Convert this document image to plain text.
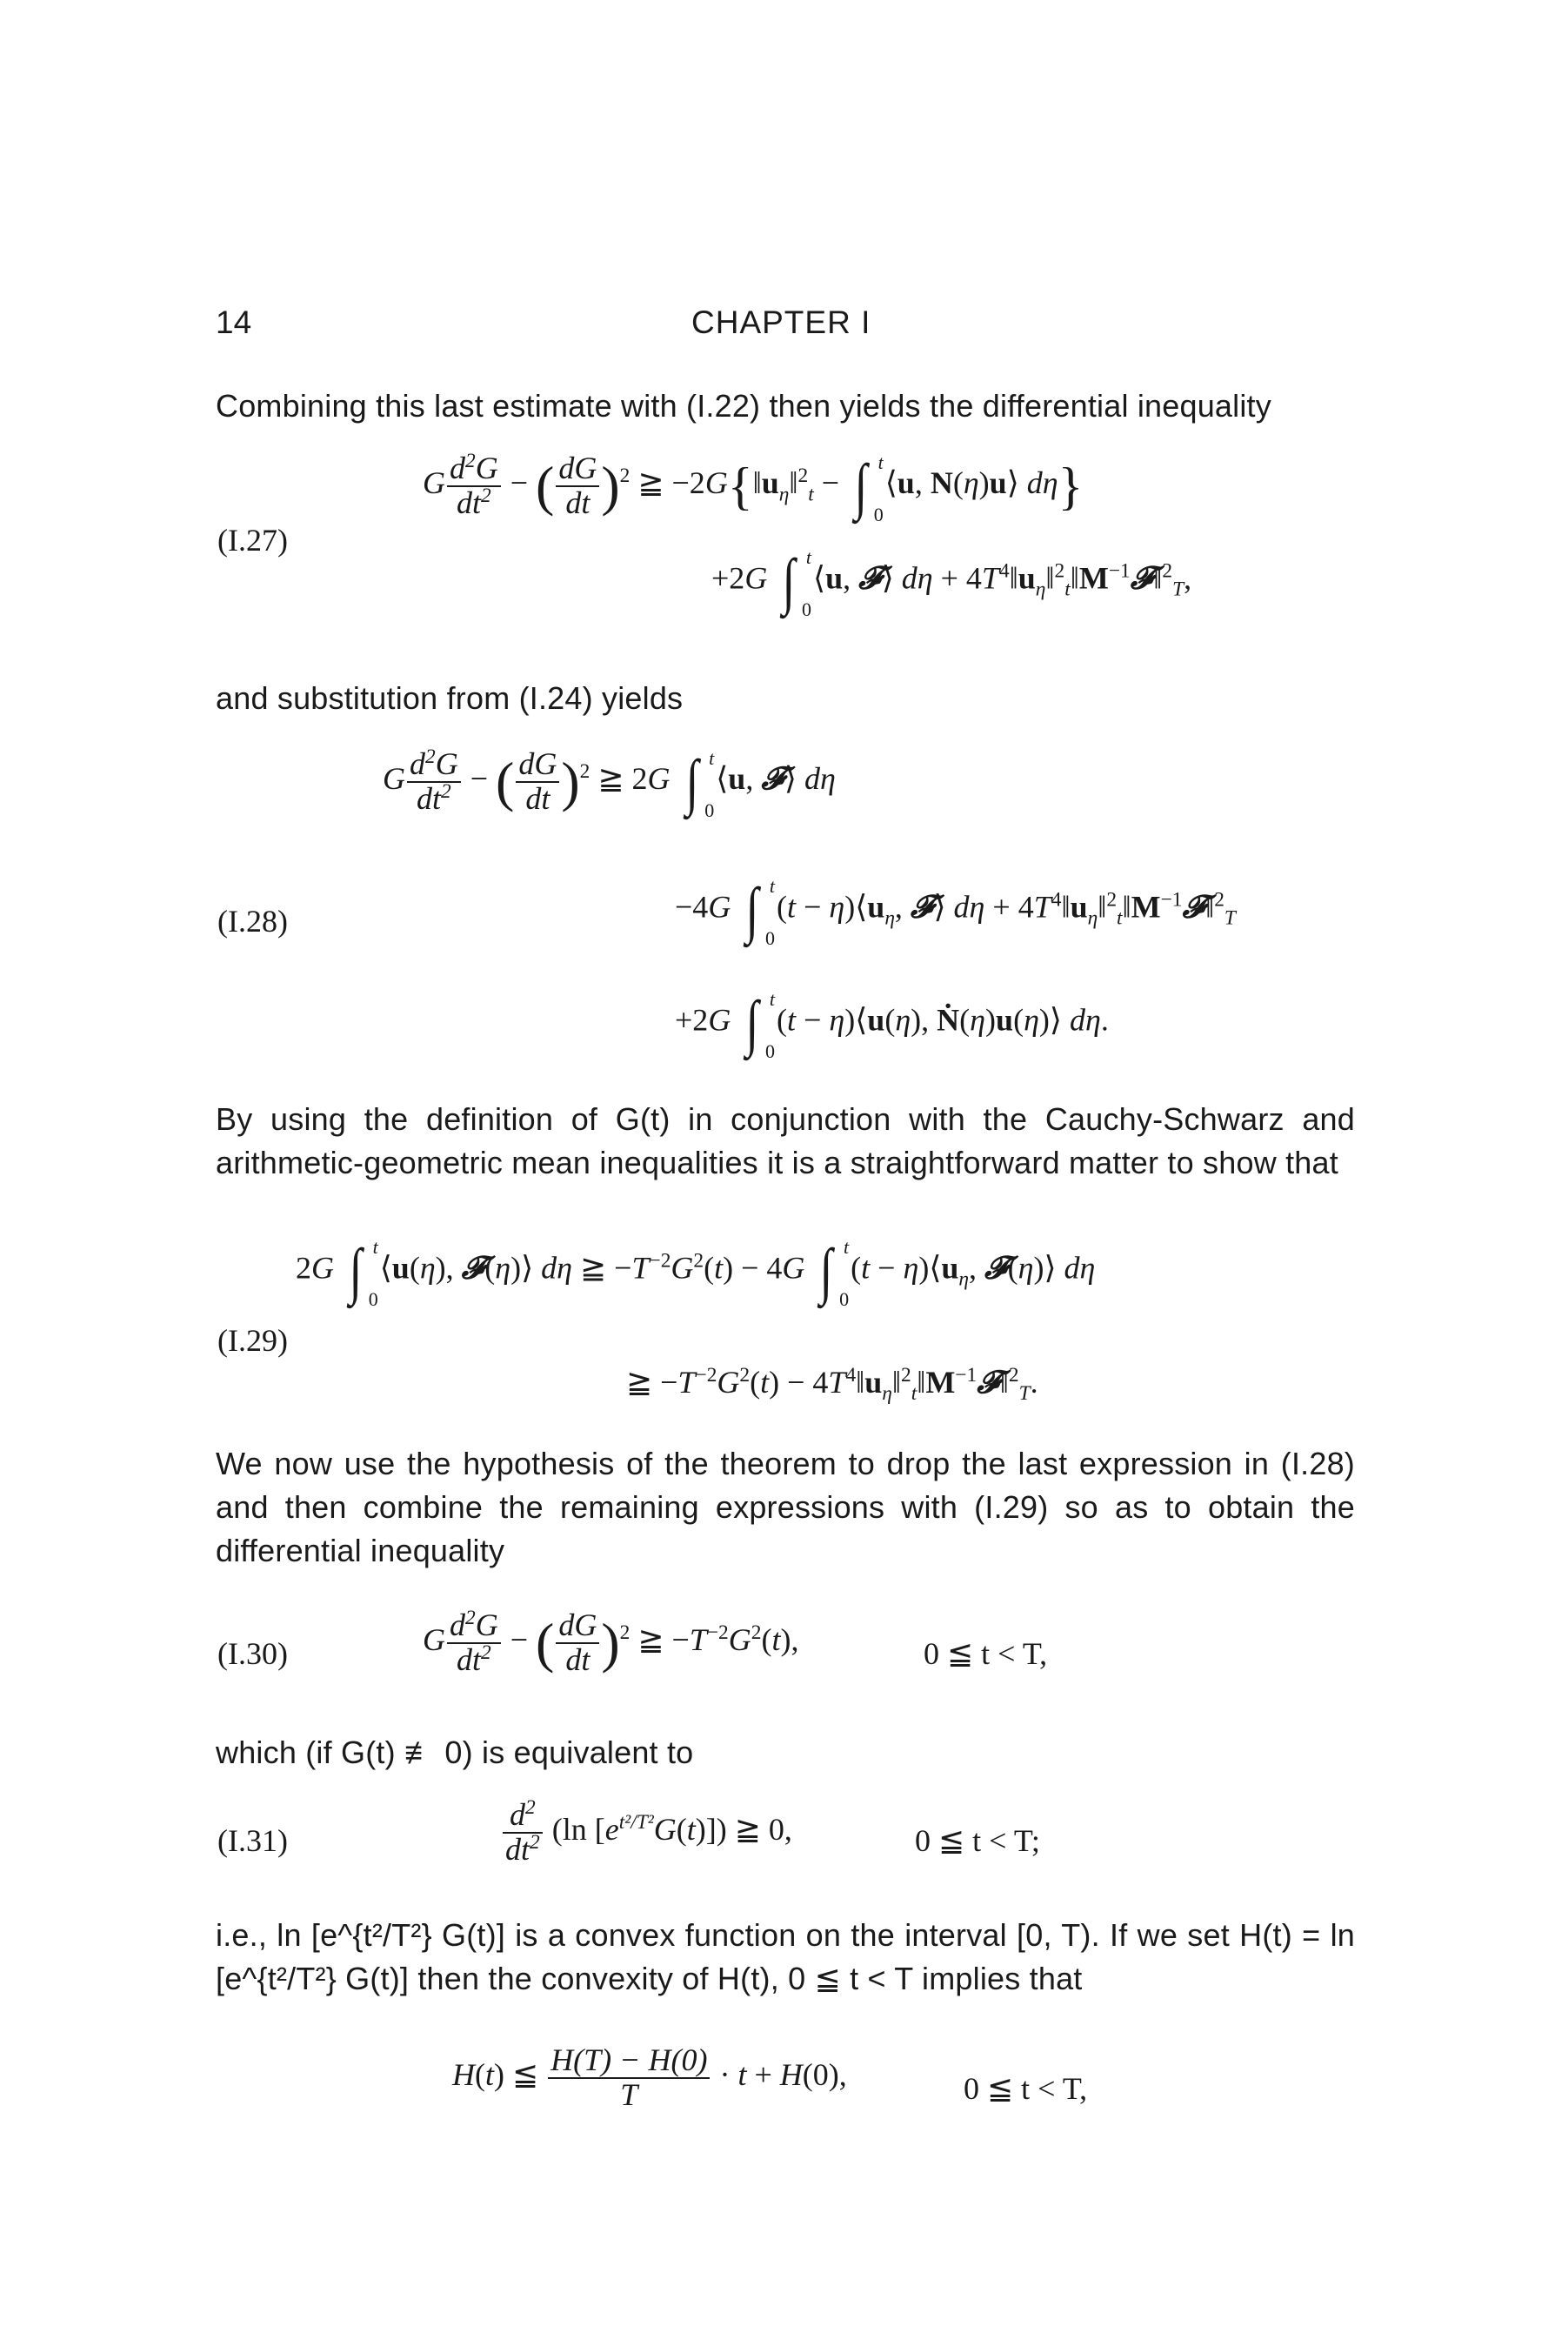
14	CHAPTER I
Combining this last estimate with (I.22) then yields the differential inequality
(I.27)
G $\frac{d^2G}{dt^2}$ − ( $\frac{dG}{dt} )^2$ ≧ $-2G\{‖u_\eta‖^2_t$ − ∫ t
0
⟨u, N(η)u⟩ dη}
+2G ∫ t
0
⟨u, 𝓕⟩ $d\eta + 4T^4‖u_\eta‖^2_t‖M^{-1}𝓕‖^2_T$,
and substitution from (I.24) yields
G $\frac{d^2G}{dt^2}$ − ( $\frac{dG}{dt} )^2$ ≧ 2G ∫ t
0
⟨u, 𝓕⟩ dη
(I.28)	−4G ∫ t
0
$(t - \eta)⟨u_\eta$, 𝓕⟩ $d\eta + 4T^4‖u_\eta‖^2_t‖M^{-1}𝓕‖^2_T$
+2G ∫ t
0
(t − η)⟨u(η), Ṅ(η)u(η)⟩ dη.
By using the definition of G(t) in conjunction with the Cauchy-Schwarz and arithmetic-geometric mean inequalities it is a straightforward matter to show that
2G ∫ t
0
⟨u(η), 𝓕(η)⟩ dη ≧ $-T^{-2}G^2(t) - 4G$ ∫ t
0
$(t - \eta)⟨u_\eta$, 𝓕(η)⟩ dη
(I.29)
≧ $-T^{-2}G^2(t)$ − $4T^4‖u_\eta‖^2_t‖M^{-1}𝓕‖^2_T$.
We now use the hypothesis of the theorem to drop the last expression in (I.28) and then combine the remaining expressions with (I.29) so as to obtain the differential inequality
(I.30)	G $\frac{d^2G}{dt^2}$ − ( $\frac{dG}{dt} )^2$ ≧ $-T^{-2}G^2(t)$,	0 ≦ t < T,
which (if G(t) ≢ 0) is equivalent to
(I.31)	$\frac{d^2}{dt^2} (\ln$ $[e^{t^2/T^2}G(t)]$) ≧ 0,	0 ≦ t < T;
i.e., ln [e^{t²/T²} G(t)] is a convex function on the interval [0, T). If we set H(t) = ln [e^{t²/T²} G(t)] then the convexity of H(t), 0 ≦ t < T implies that
H(t) ≦ $\frac{H(T) - H(0)}{T} \cdot t + H(0)$,	0 ≦ t < T,
